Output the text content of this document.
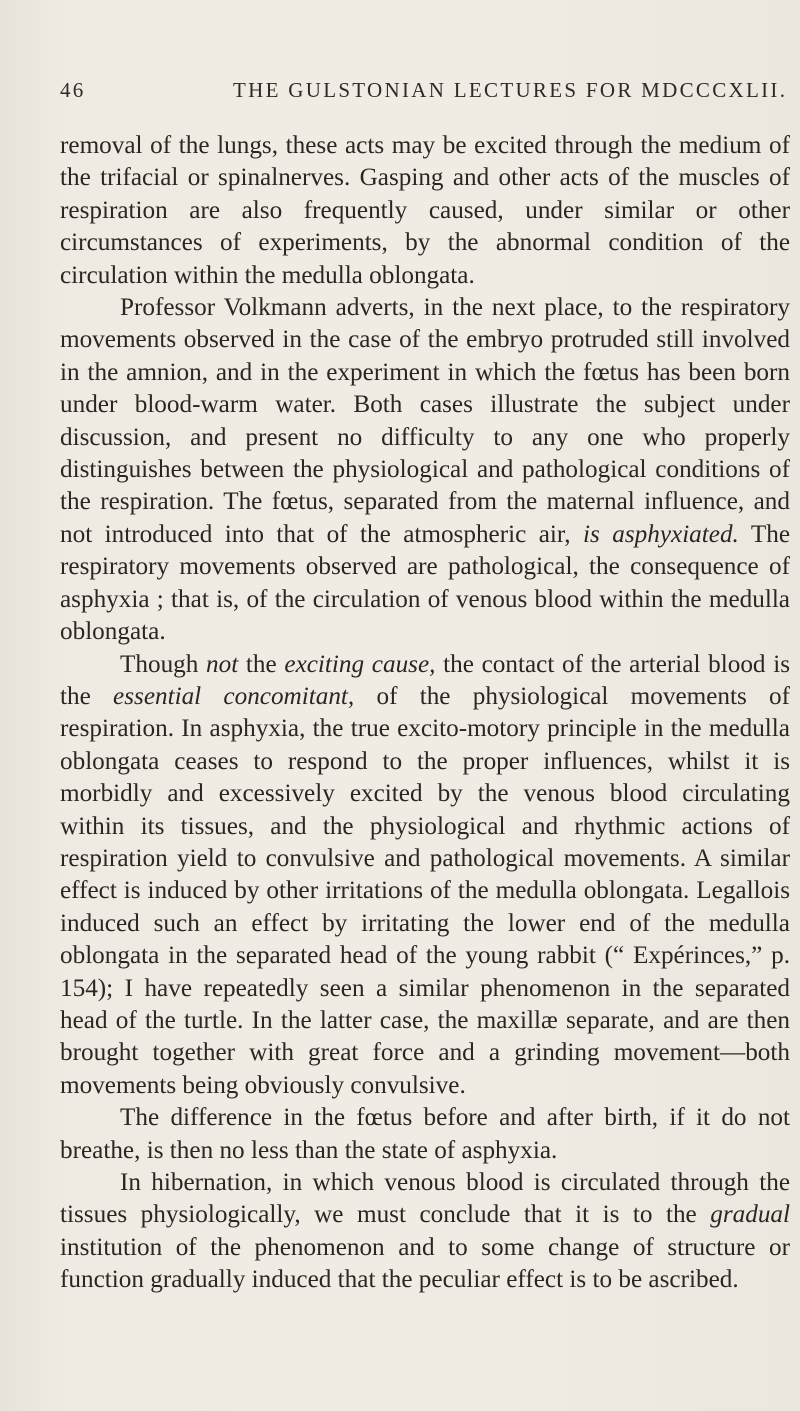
46	THE GULSTONIAN LECTURES FOR MDCCCXLII.

removal of the lungs, these acts may be excited through the medium of the trifacial or spinalnerves. Gasping and other acts of the muscles of respiration are also frequently caused, under similar or other circumstances of experiments, by the abnormal condition of the circulation within the medulla oblongata.

Professor Volkmann adverts, in the next place, to the respiratory movements observed in the case of the embryo protruded still involved in the amnion, and in the experiment in which the fœtus has been born under blood-warm water. Both cases illustrate the subject under discussion, and present no difficulty to any one who properly distinguishes between the physiological and pathological conditions of the respiration. The fœtus, separated from the maternal influence, and not introduced into that of the atmospheric air, is asphyxiated. The respiratory movements observed are pathological, the consequence of asphyxia ; that is, of the circulation of venous blood within the medulla oblongata.

Though not the exciting cause, the contact of the arterial blood is the essential concomitant, of the physiological movements of respiration. In asphyxia, the true excito-motory principle in the medulla oblongata ceases to respond to the proper influences, whilst it is morbidly and excessively excited by the venous blood circulating within its tissues, and the physiological and rhythmic actions of respiration yield to convulsive and pathological movements. A similar effect is induced by other irritations of the medulla oblongata. Legallois induced such an effect by irritating the lower end of the medulla oblongata in the separated head of the young rabbit (“ Expérinces,” p. 154); I have repeatedly seen a similar phenomenon in the separated head of the turtle. In the latter case, the maxillæ separate, and are then brought together with great force and a grinding movement—both movements being obviously convulsive.

The difference in the fœtus before and after birth, if it do not breathe, is then no less than the state of asphyxia.

In hibernation, in which venous blood is circulated through the tissues physiologically, we must conclude that it is to the gradual institution of the phenomenon and to some change of structure or function gradually induced that the peculiar effect is to be ascribed.
